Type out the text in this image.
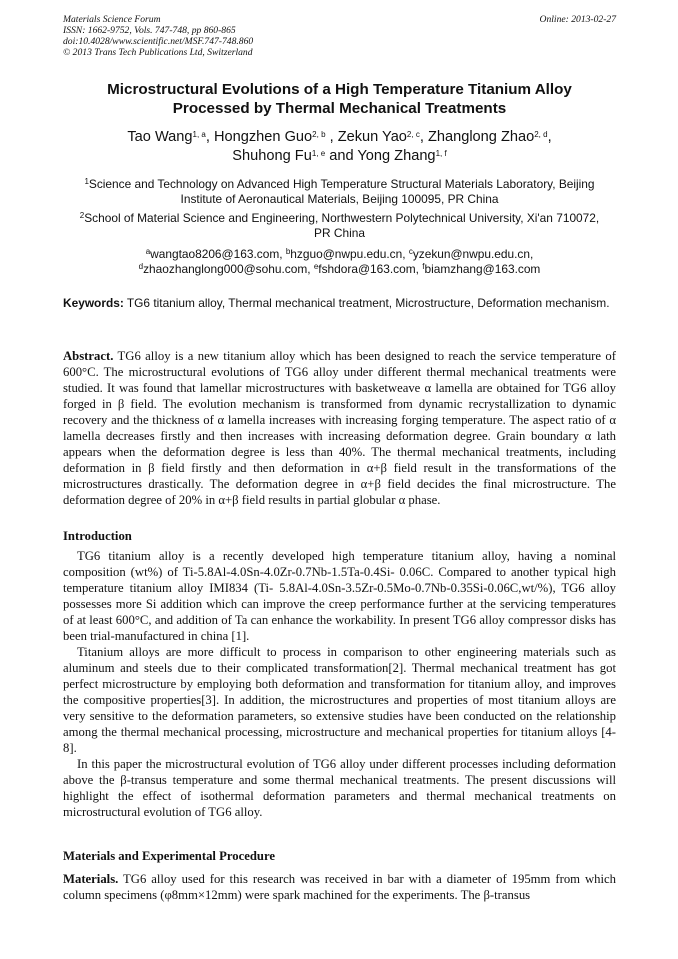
Materials Science Forum
ISSN: 1662-9752, Vols. 747-748, pp 860-865
doi:10.4028/www.scientific.net/MSF.747-748.860
© 2013 Trans Tech Publications Ltd, Switzerland
Online: 2013-02-27
Microstructural Evolutions of a High Temperature Titanium Alloy
Processed by Thermal Mechanical Treatments
Tao Wang$^{1, a}$, Hongzhen Guo$^{2, b}$ , Zekun Yao$^{2, c}$, Zhanglong Zhao$^{2, d}$,
Shuhong Fu$^{1, e}$ and Yong Zhang$^{1, f}$
$^1$Science and Technology on Advanced High Temperature Structural Materials Laboratory, Beijing
Institute of Aeronautical Materials, Beijing 100095, PR China
$^2$School of Material Science and Engineering, Northwestern Polytechnical University, Xi'an 710072,
PR China
$^a$wangtao8206@163.com, $^b$hzguo@nwpu.edu.cn, $^c$yzekun@nwpu.edu.cn,
$^d$zhaozhanglong000@sohu.com, $^e$fshdora@163.com, $^f$biamzhang@163.com
Keywords: TG6 titanium alloy, Thermal mechanical treatment, Microstructure, Deformation mechanism.
Abstract. TG6 alloy is a new titanium alloy which has been designed to reach the service temperature of 600°C. The microstructural evolutions of TG6 alloy under different thermal mechanical treatments were studied. It was found that lamellar microstructures with basketweave α lamella are obtained for TG6 alloy forged in β field. The evolution mechanism is transformed from dynamic recrystallization to dynamic recovery and the thickness of α lamella increases with increasing forging temperature. The aspect ratio of α lamella decreases firstly and then increases with increasing deformation degree. Grain boundary α lath appears when the deformation degree is less than 40%. The thermal mechanical treatments, including deformation in β field firstly and then deformation in α+β field result in the transformations of the microstructures drastically. The deformation degree in α+β field decides the final microstructure. The deformation degree of 20% in α+β field results in partial globular α phase.
Introduction

TG6 titanium alloy is a recently developed high temperature titanium alloy, having a nominal composition (wt%) of Ti-5.8Al-4.0Sn-4.0Zr-0.7Nb-1.5Ta-0.4Si- 0.06C. Compared to another typical high temperature titanium alloy IMI834 (Ti- 5.8Al-4.0Sn-3.5Zr-0.5Mo-0.7Nb-0.35Si-0.06C,wt/%), TG6 alloy possesses more Si addition which can improve the creep performance further at the servicing temperatures of at least 600°C, and addition of Ta can enhance the workability. In present TG6 alloy compressor disks has been trial-manufactured in china [1].

Titanium alloys are more difficult to process in comparison to other engineering materials such as aluminum and steels due to their complicated transformation[2]. Thermal mechanical treatment has got perfect microstructure by employing both deformation and transformation for titanium alloy, and improves the compositive properties[3]. In addition, the microstructures and properties of most titanium alloys are very sensitive to the deformation parameters, so extensive studies have been conducted on the relationship among the thermal mechanical processing, microstructure and mechanical properties for titanium alloys [4-8].

In this paper the microstructural evolution of TG6 alloy under different processes including deformation above the β-transus temperature and some thermal mechanical treatments. The present discussions will highlight the effect of isothermal deformation parameters and thermal mechanical treatments on microstructural evolution of TG6 alloy.

Materials and Experimental Procedure
Materials. TG6 alloy used for this research was received in bar with a diameter of 195mm from which column specimens (φ8mm×12mm) were spark machined for the experiments. The β-transus
